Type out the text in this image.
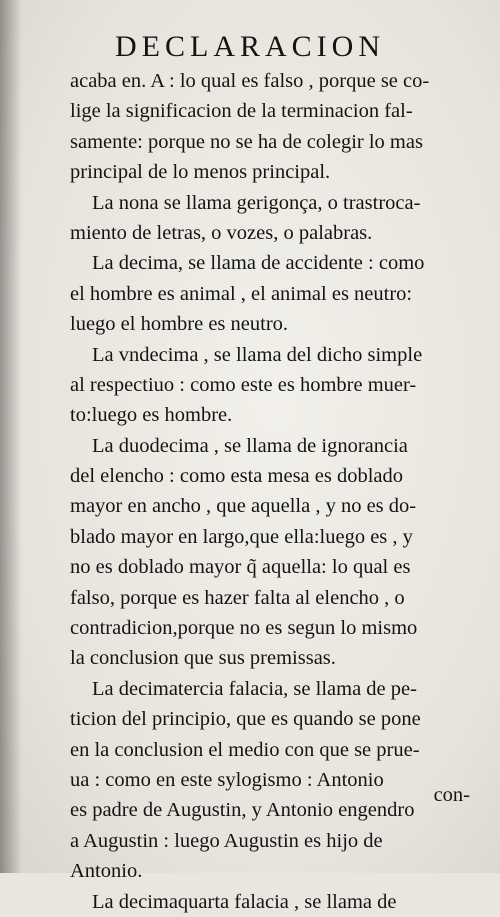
DECLARACION
acaba en. A : lo qual es falso , porque se co-
lige la significacion de la terminacion fal-
samente: porque no se ha de colegir lo mas
principal de lo menos principal.
La nona se llama gerigonça, o trastroca-
miento de letras, o vozes, o palabras.
La decima, se llama de accidente : como
el hombre es animal , el animal es neutro:
luego el hombre es neutro.
La vndecima , se llama del dicho simple
al respectiuo : como este es hombre muer-
to:luego es hombre.
La duodecima , se llama de ignorancia
del elencho : como esta mesa es doblado
mayor en ancho , que aquella , y no es do-
blado mayor en largo,que ella:luego es , y
no es doblado mayor q̃ aquella: lo qual es
falso, porque es hazer falta al elencho , o
contradicion,porque no es segun lo mismo
la conclusion que sus premissas.
La decimatercia falacia, se llama de pe-
ticion del principio, que es quando se pone
en la conclusion el medio con que se prue-
ua : como en este sylogismo : Antonio
es padre de Augustin, y Antonio engendro
a Augustin : luego Augustin es hijo de
Antonio.
La decimaquarta falacia , se llama de
con-
